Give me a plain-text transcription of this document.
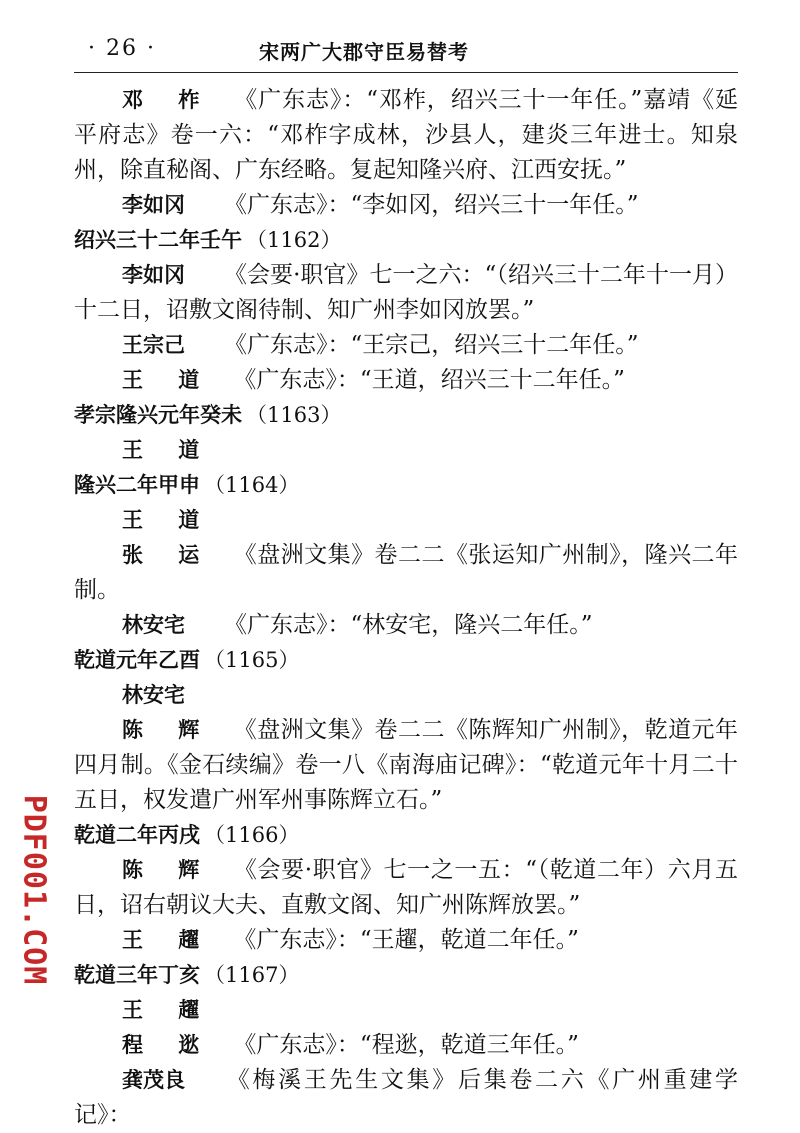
· 26 ·	宋两广大郡守臣易替考

邓 柞 《广东志》：“邓柞，绍兴三十一年任。”嘉靖《延平府志》卷一六：“邓柞字成林，沙县人，建炎三年进士。知泉州，除直秘阁、广东经略。复起知隆兴府、江西安抚。”

李如冈 《广东志》：“李如冈，绍兴三十一年任。”

绍兴三十二年壬午 （1162）

李如冈 《会要·职官》七一之六：“（绍兴三十二年十一月）十二日，诏敷文阁待制、知广州李如冈放罢。”

王宗己 《广东志》：“王宗己，绍兴三十二年任。”

王 道 《广东志》：“王道，绍兴三十二年任。”

孝宗隆兴元年癸未 （1163）

王 道

隆兴二年甲申 （1164）

王 道

张 运 《盘洲文集》卷二二《张运知广州制》，隆兴二年制。

林安宅 《广东志》：“林安宅，隆兴二年任。”

乾道元年乙酉 （1165）

林安宅

陈 辉 《盘洲文集》卷二二《陈辉知广州制》，乾道元年四月制。《金石续编》卷一八《南海庙记碑》：“乾道元年十月二十五日，权发遣广州军州事陈辉立石。”

乾道二年丙戌 （1166）

陈 辉 《会要·职官》七一之一五：“（乾道二年）六月五日，诏右朝议大夫、直敷文阁、知广州陈辉放罢。”

王 趯 《广东志》：“王趯，乾道二年任。”

乾道三年丁亥 （1167）

王 趯

程 逖 《广东志》：“程逖，乾道三年任。”

龚茂良 《梅溪王先生文集》后集卷二六《广州重建学记》：

PDF001.COM
